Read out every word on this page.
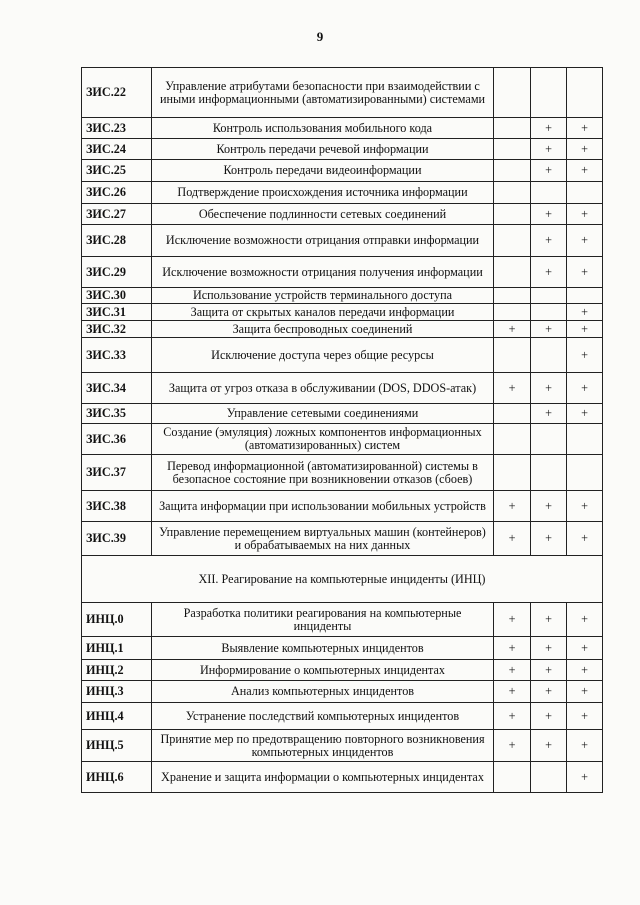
9
ЗИС.22	Управление атрибутами безопасности при взаимодействии с иными информационными (автоматизированными) системами			
ЗИС.23	Контроль использования мобильного кода		+	+
ЗИС.24	Контроль передачи речевой информации		+	+
ЗИС.25	Контроль передачи видеоинформации		+	+
ЗИС.26	Подтверждение происхождения источника информации			
ЗИС.27	Обеспечение подлинности сетевых соединений		+	+
ЗИС.28	Исключение возможности отрицания отправки информации		+	+
ЗИС.29	Исключение возможности отрицания получения информации		+	+
ЗИС.30	Использование устройств терминального доступа			
ЗИС.31	Защита от скрытых каналов передачи информации			+
ЗИС.32	Защита беспроводных соединений	+	+	+
ЗИС.33	Исключение доступа через общие ресурсы			+
ЗИС.34	Защита от угроз отказа в обслуживании (DOS, DDOS-атак)	+	+	+
ЗИС.35	Управление сетевыми соединениями		+	+
ЗИС.36	Создание (эмуляция) ложных компонентов информационных (автоматизированных) систем			
ЗИС.37	Перевод информационной (автоматизированной) системы в безопасное состояние при возникновении отказов (сбоев)			
ЗИС.38	Защита информации при использовании мобильных устройств	+	+	+
ЗИС.39	Управление перемещением виртуальных машин (контейнеров) и обрабатываемых на них данных	+	+	+
XII. Реагирование на компьютерные инциденты (ИНЦ)				
ИНЦ.0	Разработка политики реагирования на компьютерные инциденты	+	+	+
ИНЦ.1	Выявление компьютерных инцидентов	+	+	+
ИНЦ.2	Информирование о компьютерных инцидентах	+	+	+
ИНЦ.3	Анализ компьютерных инцидентов	+	+	+
ИНЦ.4	Устранение последствий компьютерных инцидентов	+	+	+
ИНЦ.5	Принятие мер по предотвращению повторного возникновения компьютерных инцидентов	+	+	+
ИНЦ.6	Хранение и защита информации о компьютерных инцидентах			+
